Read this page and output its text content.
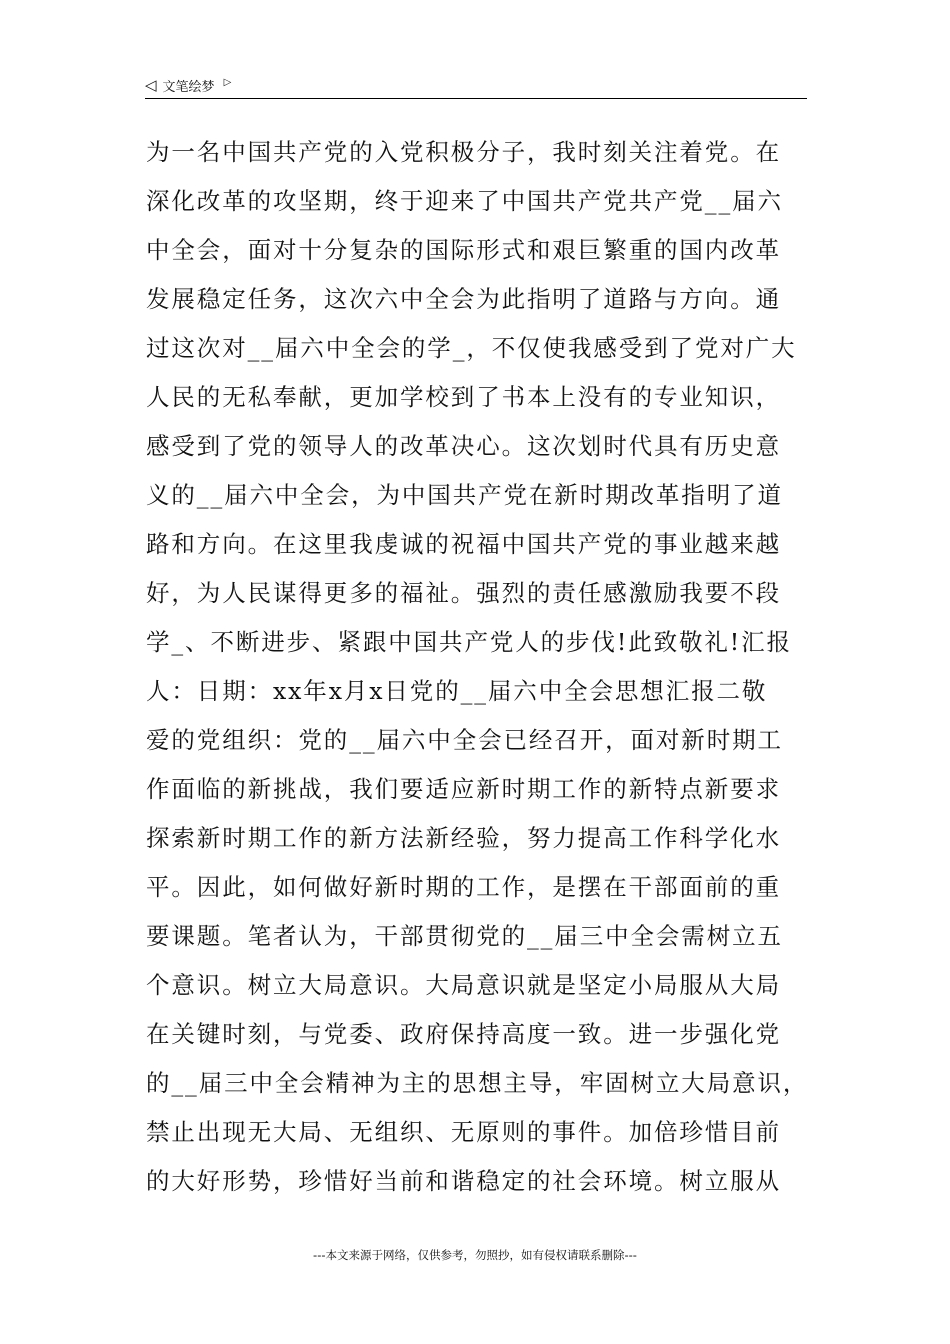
◁ 文笔绘梦 ▷
为一名中国共产党的入党积极分子，我时刻关注着党。在
深化改革的攻坚期，终于迎来了中国共产党共产党__届六
中全会，面对十分复杂的国际形式和艰巨繁重的国内改革
发展稳定任务，这次六中全会为此指明了道路与方向。通
过这次对__届六中全会的学_，不仅使我感受到了党对广大
人民的无私奉献，更加学校到了书本上没有的专业知识，
感受到了党的领导人的改革决心。这次划时代具有历史意
义的__届六中全会，为中国共产党在新时期改革指明了道
路和方向。在这里我虔诚的祝福中国共产党的事业越来越
好，为人民谋得更多的福祉。强烈的责任感激励我要不段
学_、不断进步、紧跟中国共产党人的步伐!此致敬礼!汇报
人：日期：xx年x月x日党的__届六中全会思想汇报二敬
爱的党组织：党的__届六中全会已经召开，面对新时期工
作面临的新挑战，我们要适应新时期工作的新特点新要求
探索新时期工作的新方法新经验，努力提高工作科学化水
平。因此，如何做好新时期的工作，是摆在干部面前的重
要课题。笔者认为，干部贯彻党的__届三中全会需树立五
个意识。树立大局意识。大局意识就是坚定小局服从大局
在关键时刻，与党委、政府保持高度一致。进一步强化党
的__届三中全会精神为主的思想主导，牢固树立大局意识，
禁止出现无大局、无组织、无原则的事件。加倍珍惜目前
的大好形势，珍惜好当前和谐稳定的社会环境。树立服从
---本文来源于网络，仅供参考，勿照抄，如有侵权请联系删除---
